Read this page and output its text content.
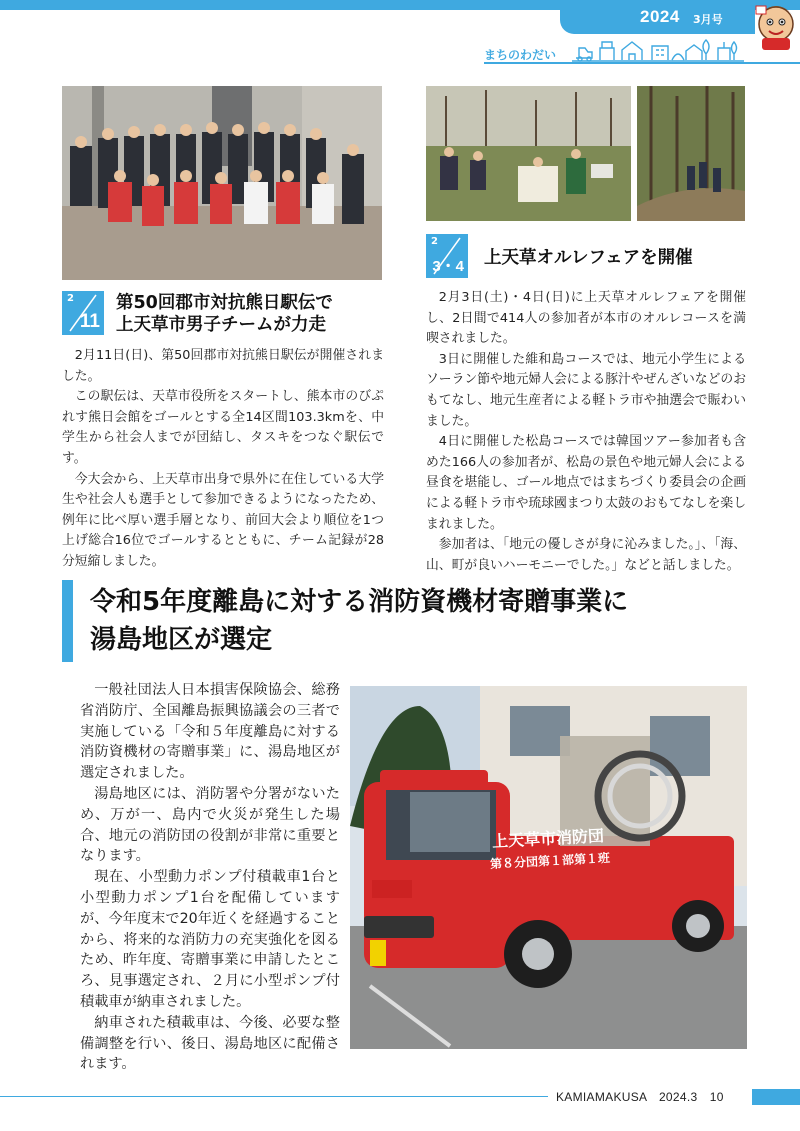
2024 3月号
まちのわだい
2
11
第50回郡市対抗熊日駅伝で
上天草市男子チームが力走

2月11日(日)、第50回郡市対抗熊日駅伝が開催されました。

この駅伝は、天草市役所をスタートし、熊本市のびぷれす熊日会館をゴールとする全14区間103.3kmを、中学生から社会人までが団結し、タスキをつなぐ駅伝です。

今大会から、上天草市出身で県外に在住している大学生や社会人も選手として参加できるようになったため、例年に比べ厚い選手層となり、前回大会より順位を1つ上げ総合16位でゴールするとともに、チーム記録が28分短縮しました。

2
3・4 上天草オルレフェアを開催

2月3日(土)・4日(日)に上天草オルレフェアを開催し、2日間で414人の参加者が本市のオルレコースを満喫されました。

3日に開催した維和島コースでは、地元小学生によるソーラン節や地元婦人会による豚汁やぜんざいなどのおもてなし、地元生産者による軽トラ市や抽選会で賑わいました。

4日に開催した松島コースでは韓国ツアー参加者も含めた166人の参加者が、松島の景色や地元婦人会による昼食を堪能し、ゴール地点ではまちづくり委員会の企画による軽トラ市や琉球國まつり太鼓のおもてなしを楽しまれました。

参加者は、「地元の優しさが身に沁みました。」、「海、山、町が良いハーモニーでした。」などと話しました。

令和5年度離島に対する消防資機材寄贈事業に
湯島地区が選定

一般社団法人日本損害保険協会、総務省消防庁、全国離島振興協議会の三者で実施している「令和５年度離島に対する消防資機材の寄贈事業」に、湯島地区が選定されました。

湯島地区には、消防署や分署がないため、万が一、島内で火災が発生した場合、地元の消防団の役割が非常に重要となります。

現在、小型動力ポンプ付積載車1台と小型動力ポンプ1台を配備していますが、今年度末で20年近くを経過することから、将来的な消防力の充実強化を図るため、昨年度、寄贈事業に申請したところ、見事選定され、２月に小型ポンプ付積載車が納車されました。

納車された積載車は、今後、必要な整備調整を行い、後日、湯島地区に配備されます。

上天草市消防団
第８分団第１部第１班
KAMIAMAKUSA　2024.3　10
